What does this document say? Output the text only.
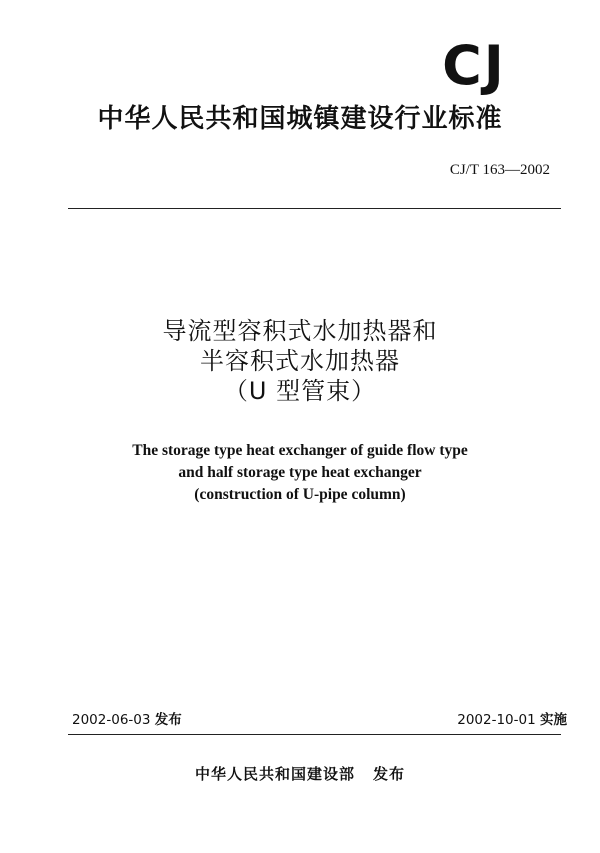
CJ
中华人民共和国城镇建设行业标准
CJ/T 163—2002
导流型容积式水加热器和
半容积式水加热器
（U 型管束）
The storage type heat exchanger of guide flow type
and half storage type heat exchanger
(construction of U-pipe column)
2002-06-03 发布	2002-10-01 实施
中华人民共和国建设部 发布
